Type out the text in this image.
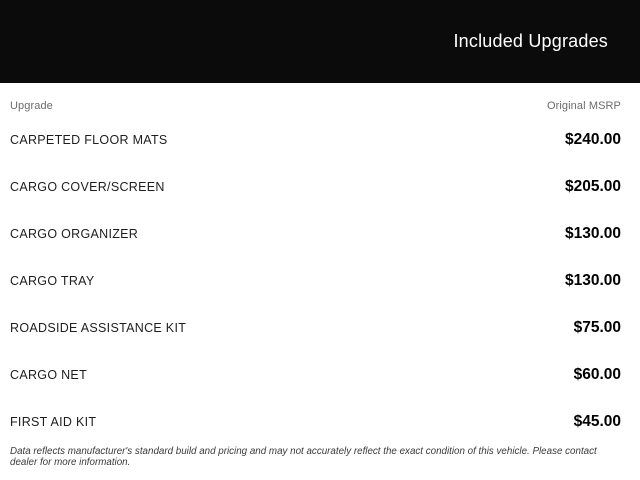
Included Upgrades
Upgrade	Original MSRP
CARPETED FLOOR MATS	$240.00
CARGO COVER/SCREEN	$205.00
CARGO ORGANIZER	$130.00
CARGO TRAY	$130.00
ROADSIDE ASSISTANCE KIT	$75.00
CARGO NET	$60.00
FIRST AID KIT	$45.00
Data reflects manufacturer's standard build and pricing and may not accurately reflect the exact condition of this vehicle. Please contact dealer for more information.
